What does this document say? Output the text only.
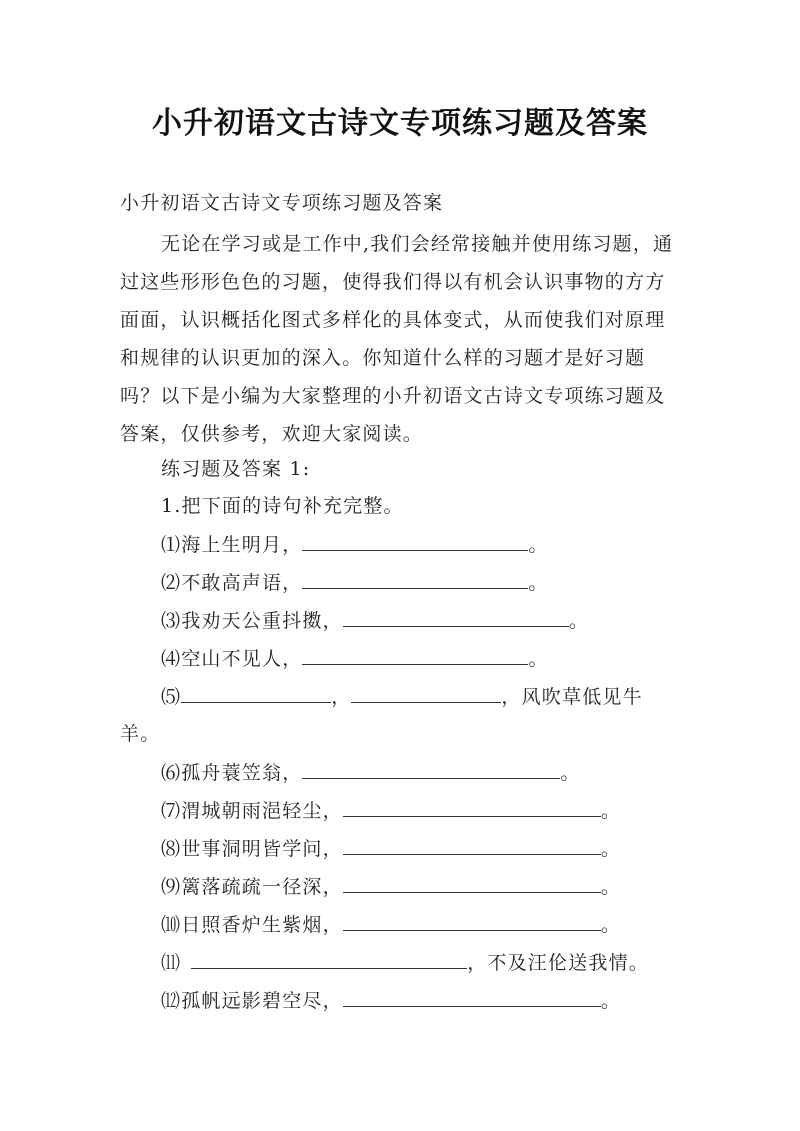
小升初语文古诗文专项练习题及答案
小升初语文古诗文专项练习题及答案
无论在学习或是工作中,我们会经常接触并使用练习题，通过这些形形色色的习题，使得我们得以有机会认识事物的方方面面，认识概括化图式多样化的具体变式，从而使我们对原理和规律的认识更加的深入。你知道什么样的习题才是好习题吗？以下是小编为大家整理的小升初语文古诗文专项练习题及答案，仅供参考，欢迎大家阅读。
练习题及答案 1:
1.把下面的诗句补充完整。
⑴海上生明月，	。
⑵不敢高声语，	。
⑶我劝天公重抖擞，	。
⑷空山不见人，	。
⑸	，	，风吹草低见牛
羊。
⑹孤舟蓑笠翁，	。
⑺渭城朝雨浥轻尘，	。
⑻世事洞明皆学问，	。
⑼篱落疏疏一径深，	。
⑽日照香炉生紫烟，	。
⑾	，不及汪伦送我情。
⑿孤帆远影碧空尽，	。
